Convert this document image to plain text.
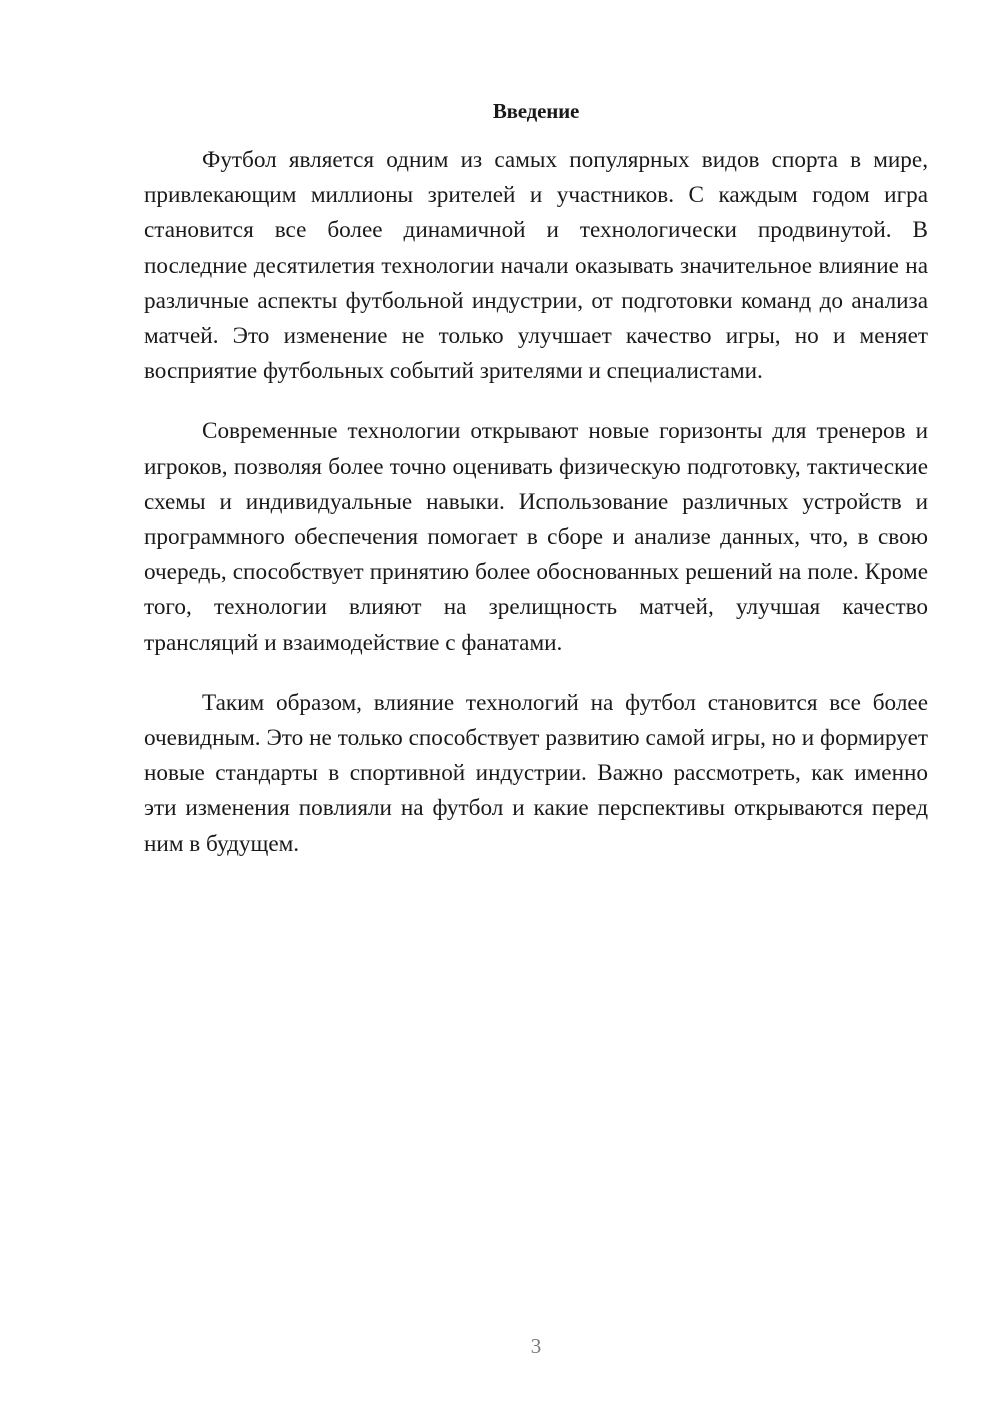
Введение

Футбол является одним из самых популярных видов спорта в мире, привлекающим миллионы зрителей и участников. С каждым годом игра становится все более динамичной и технологически продвинутой. В последние десятилетия технологии начали оказывать значительное влияние на различные аспекты футбольной индустрии, от подготовки команд до анализа матчей. Это изменение не только улучшает качество игры, но и меняет восприятие футбольных событий зрителями и специалистами.

Современные технологии открывают новые горизонты для тренеров и игроков, позволяя более точно оценивать физическую подготовку, тактические схемы и индивидуальные навыки. Использование различных устройств и программного обеспечения помогает в сборе и анализе данных, что, в свою очередь, способствует принятию более обоснованных решений на поле. Кроме того, технологии влияют на зрелищность матчей, улучшая качество трансляций и взаимодействие с фанатами.

Таким образом, влияние технологий на футбол становится все более очевидным. Это не только способствует развитию самой игры, но и формирует новые стандарты в спортивной индустрии. Важно рассмотреть, как именно эти изменения повлияли на футбол и какие перспективы открываются перед ним в будущем.

3
